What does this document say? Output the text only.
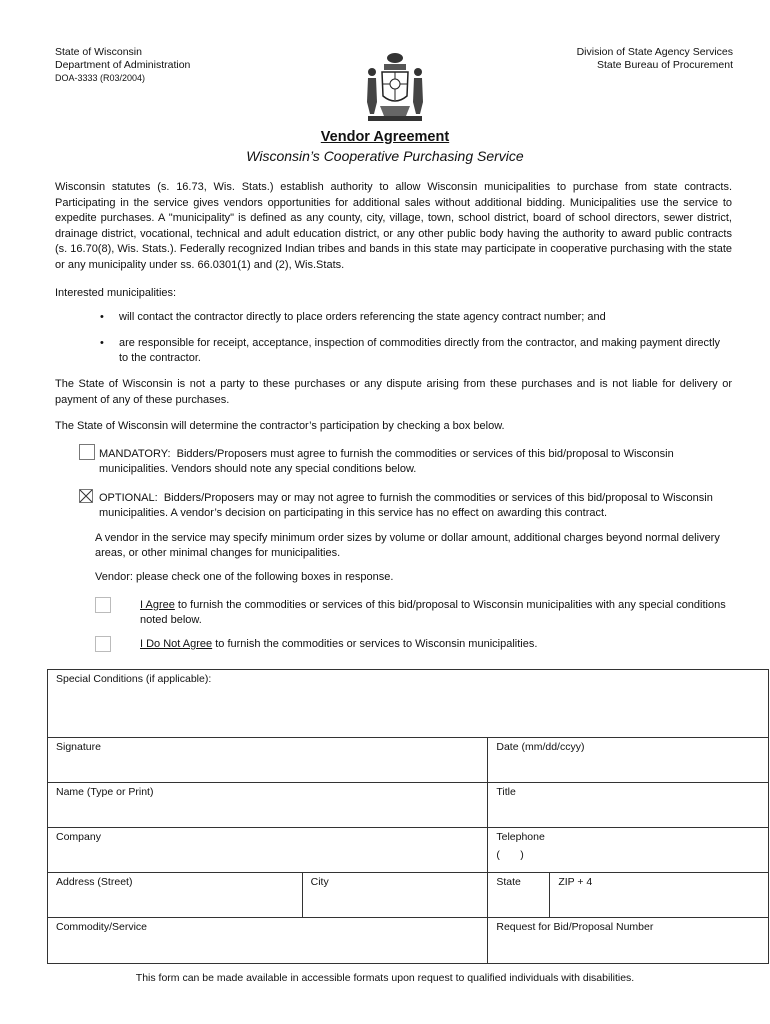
State of Wisconsin
Department of Administration
DOA-3333 (R03/2004)
Division of State Agency Services
State Bureau of Procurement
Vendor Agreement
Wisconsin’s Cooperative Purchasing Service
Wisconsin statutes (s. 16.73, Wis. Stats.) establish authority to allow Wisconsin municipalities to purchase from state contracts. Participating in the service gives vendors opportunities for additional sales without additional bidding. Municipalities use the service to expedite purchases. A "municipality" is defined as any county, city, village, town, school district, board of school directors, sewer district, drainage district, vocational, technical and adult education district, or any other public body having the authority to award public contracts (s. 16.70(8), Wis. Stats.). Federally recognized Indian tribes and bands in this state may participate in cooperative purchasing with the state or any municipality under ss. 66.0301(1) and (2), Wis.Stats.
Interested municipalities:
• will contact the contractor directly to place orders referencing the state agency contract number; and
• are responsible for receipt, acceptance, inspection of commodities directly from the contractor, and making payment directly to the contractor.
The State of Wisconsin is not a party to these purchases or any dispute arising from these purchases and is not liable for delivery or payment of any of these purchases.
The State of Wisconsin will determine the contractor’s participation by checking a box below.
MANDATORY: Bidders/Proposers must agree to furnish the commodities or services of this bid/proposal to Wisconsin municipalities. Vendors should note any special conditions below.
OPTIONAL: Bidders/Proposers may or may not agree to furnish the commodities or services of this bid/proposal to Wisconsin municipalities. A vendor’s decision on participating in this service has no effect on awarding this contract.
A vendor in the service may specify minimum order sizes by volume or dollar amount, additional charges beyond normal delivery areas, or other minimal changes for municipalities.
Vendor: please check one of the following boxes in response.
I Agree to furnish the commodities or services of this bid/proposal to Wisconsin municipalities with any special conditions noted below.
I Do Not Agree to furnish the commodities or services to Wisconsin municipalities.
Special Conditions (if applicable):			
Signature		Date (mm/dd/ccyy)	
Name (Type or Print)		Title	
Company		Telephone
(       )	

Address (Street)	City	State	ZIP + 4
Commodity/Service		Request for Bid/Proposal Number	
This form can be made available in accessible formats upon request to qualified individuals with disabilities.
